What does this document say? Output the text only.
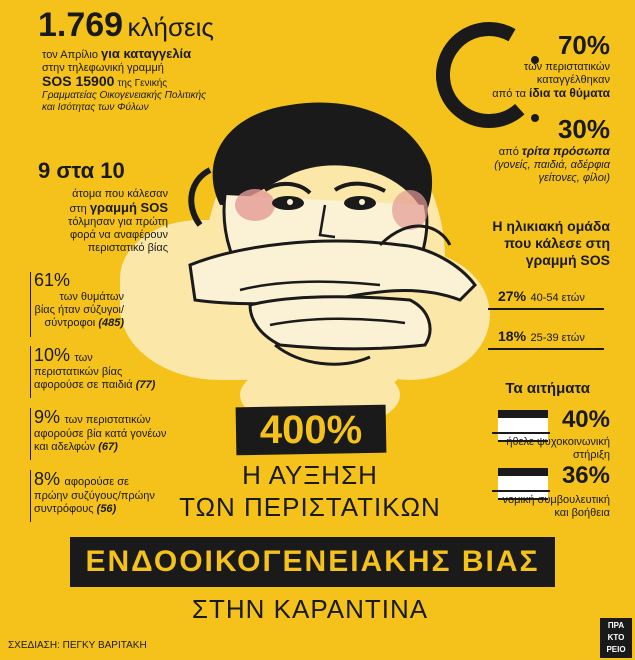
1.769 κλήσεις
τον Απρίλιο για καταγγελία
στην τηλεφωνική γραμμή
SOS 15900 της Γενικής
Γραμματείας Οικογενειακής Πολιτικής
και Ισότητας των Φύλων
9 στα 10
άτομα που κάλεσαν
στη γραμμή SOS
τόλμησαν για πρώτη
φορά να αναφέρουν
περιστατικό βίας
61%
των θυμάτων
βίας ήταν σύζυγοι/
σύντροφοι (485)
10% των
περιστατικών βίας
αφορούσε σε παιδιά (77)
9% των περιστατικών
αφορούσε βία κατά γονέων
και αδελφών (67)
8% αφορούσε σε
πρώην συζύγους/πρώην
συντρόφους (56)
70%
των περιστατικών
καταγγέλθηκαν
από τα ίδια τα θύματα
30%
από τρίτα πρόσωπα
(γονείς, παιδιά, αδέρφια
γείτονες, φίλοι)
Η ηλικιακή ομάδα
που κάλεσε στη
γραμμή SOS
27% 40-54 ετών
18% 25-39 ετών
Τα αιτήματα
40%
ήθελε ψυχοκοινωνική
στήριξη
36%
νομική συμβουλευτική
και βοήθεια
400%
Η ΑΥΞΗΣΗ
ΤΩΝ ΠΕΡΙΣΤΑΤΙΚΩΝ
ΕΝΔΟΟΙΚΟΓΕΝΕΙΑΚΗΣ ΒΙΑΣ
ΣΤΗΝ ΚΑΡΑΝΤΙΝΑ
ΣΧΕΔΙΑΣΗ: ΠΕΓΚΥ ΒΑΡΙΤΑΚΗ
ΠΡΑ
ΚΤΟ
ΡΕΙΟ
